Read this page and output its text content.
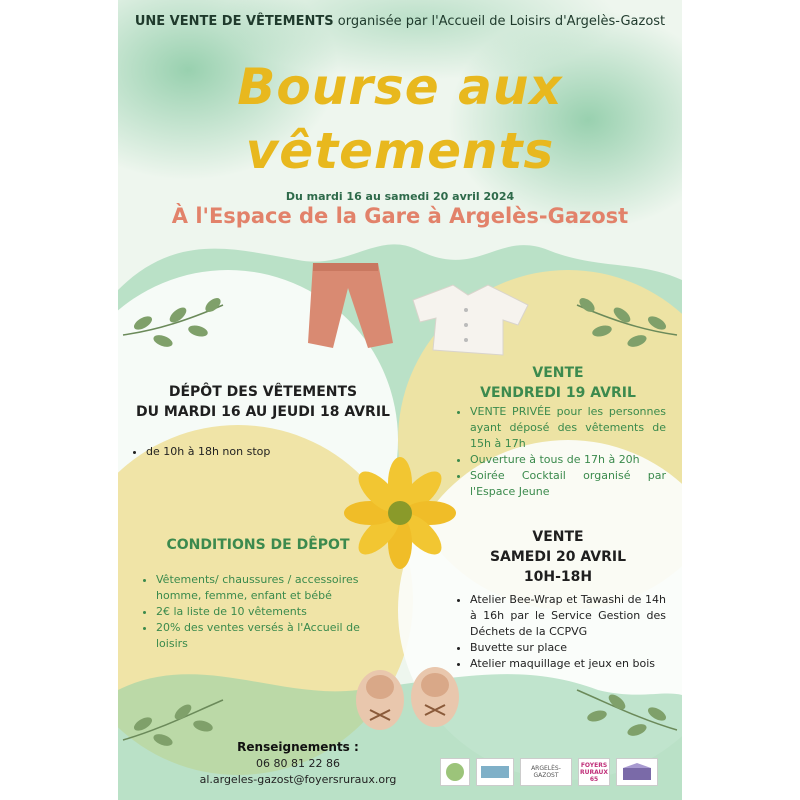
UNE VENTE DE VÊTEMENTS organisée par l'Accueil de Loisirs d'Argelès-Gazost
Bourse aux
vêtements
Du mardi 16 au samedi 20 avril 2024
À l'Espace de la Gare à Argelès-Gazost
DÉPÔT DES VÊTEMENTS
DU MARDI 16 AU JEUDI 18 AVRIL
• de 10h à 18h non stop
VENTE
VENDREDI 19 AVRIL
• VENTE PRIVÉE pour les personnes ayant déposé des vêtements de 15h à 17h
• Ouverture à tous de 17h à 20h
• Soirée Cocktail organisé par l'Espace Jeune
CONDITIONS DE DÊPOT
• Vêtements/ chaussures / accessoires homme, femme, enfant et bébé
• 2€ la liste de 10 vêtements
• 20% des ventes versés à l'Accueil de loisirs
VENTE
SAMEDI 20 AVRIL
10H-18H
• Atelier Bee-Wrap et Tawashi de 14h à 16h par le Service Gestion des Déchets de la CCPVG
• Buvette sur place
• Atelier maquillage et jeux en bois
Renseignements :
06 80 81 22 86
al.argeles-gazost@foyersruraux.org
ARGELÈS-GAZOST
FOYERS RURAUX 65
